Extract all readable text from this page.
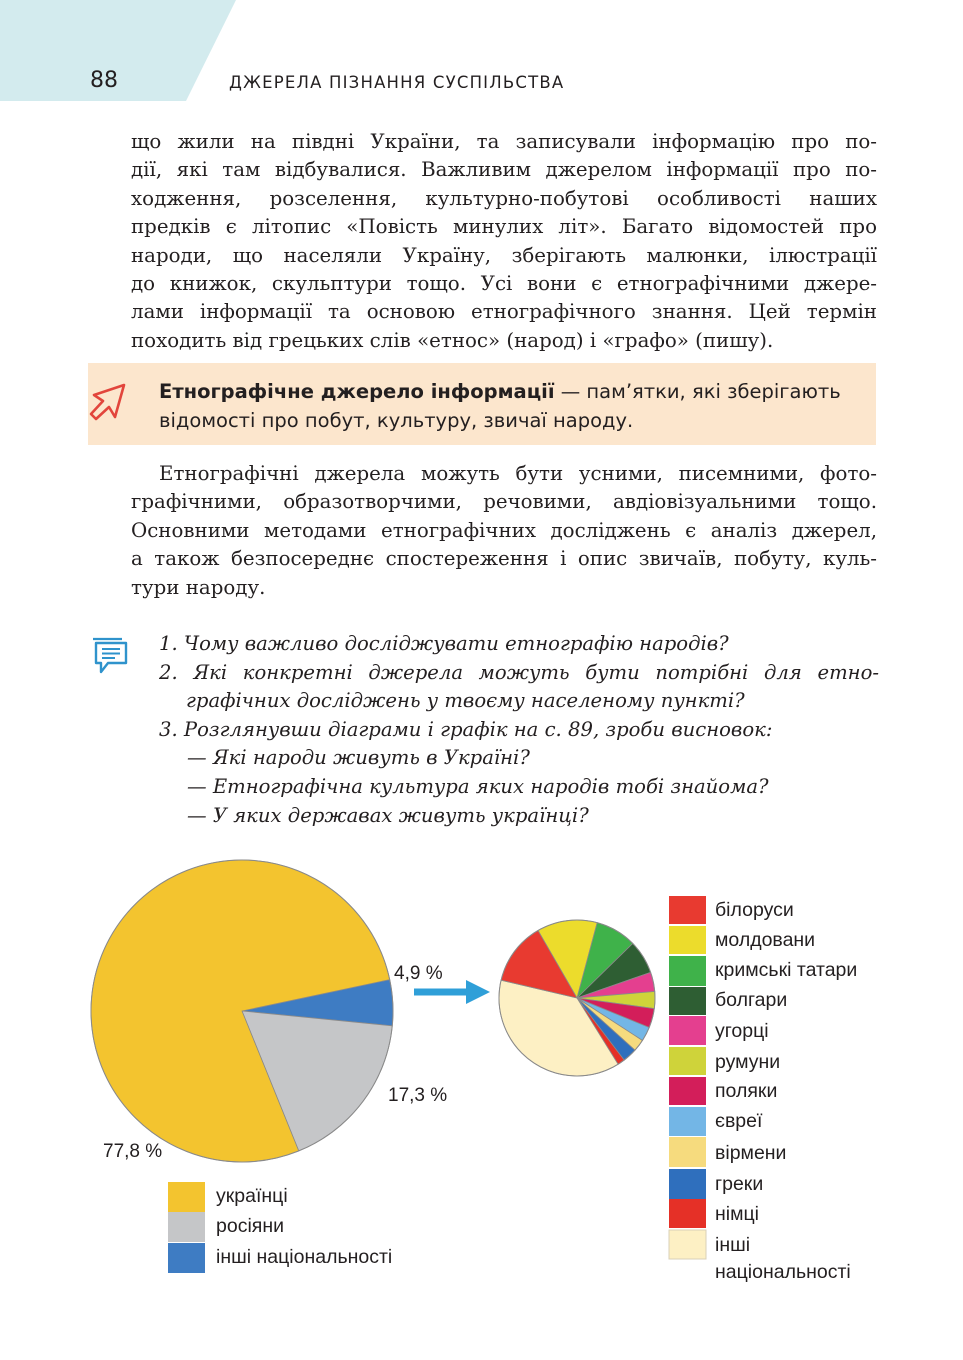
88	ДЖЕРЕЛА ПІЗНАННЯ СУСПІЛЬСТВА
що жили на півдні України, та записували інформацію про по-
дії, які там відбувалися. Важливим джерелом інформації про по-
ходження, розселення, культурно-побутові особливості наших
предків є літопис «Повість минулих літ». Багато відомостей про
народи, що населяли Україну, зберігають малюнки, ілюстрації
до книжок, скульптури тощо. Усі вони є етнографічними джере-
лами інформації та основою етнографічного знання. Цей термін
походить від грецьких слів «етнос» (народ) і «графо» (пишу).
Етнографічне джерело інформації — пам’ятки, які зберігають
відомості про побут, культуру, звичаї народу.
Етнографічні джерела можуть бути усними, писемними, фото-
графічними, образотворчими, речовими, авдіовізуальними тощо.
Основними методами етнографічних досліджень є аналіз джерел,
а також безпосереднє спостереження і опис звичаїв, побуту, куль-
тури народу.
1. Чому важливо досліджувати етнографію народів?
2. Які конкретні джерела можуть бути потрібні для етно-
графічних досліджень у твоєму населеному пункті?
3. Розглянувши діаграми і графік на с. 89, зроби висновок:
— Які народи живуть в Україні?
— Етнографічна культура яких народів тобі знайома?
— У яких державах живуть українці?
77,8 %
17,3 %
4,9 %
українці
росіяни
інші національності
білоруси
молдовани
кримські татари
болгари
угорці
румуни
поляки
євреї
вірмени
греки
німці
інші
національності
